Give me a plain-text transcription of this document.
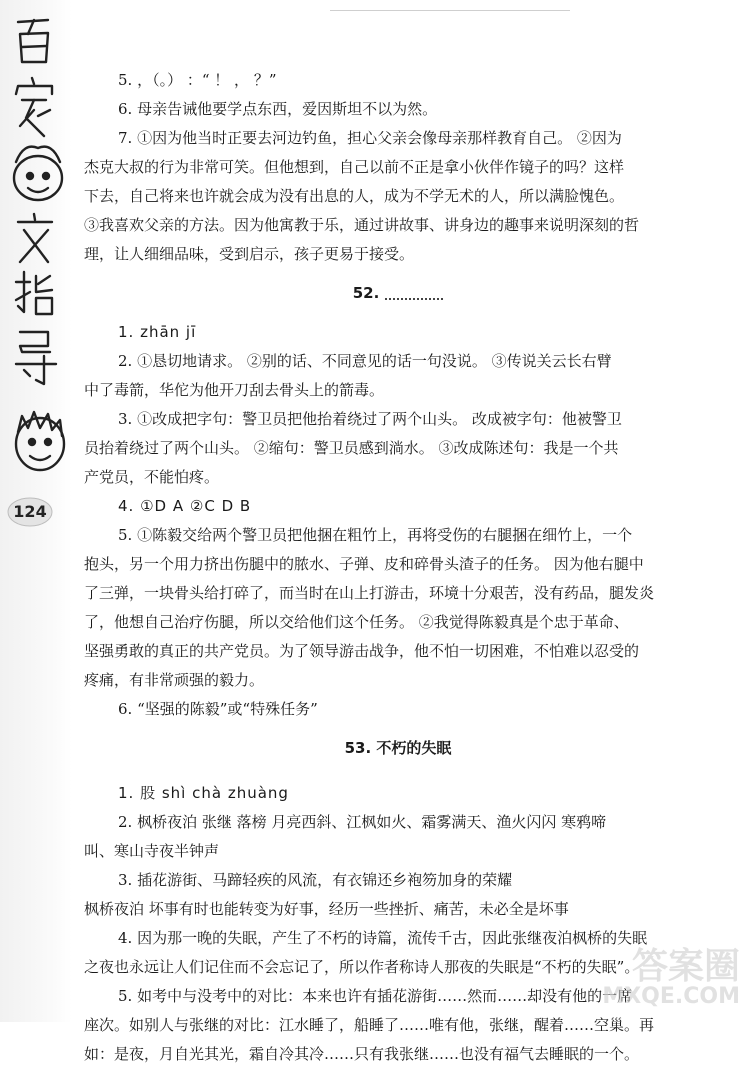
124
5. ，（。） ：“ ！ ， ？”
6. 母亲告诫他要学点东西，爱因斯坦不以为然。
7. ①因为他当时正要去河边钓鱼，担心父亲会像母亲那样教育自己。 ②因为
杰克大叔的行为非常可笑。但他想到，自己以前不正是拿小伙伴作镜子的吗？这样
下去，自己将来也许就会成为没有出息的人，成为不学无术的人，所以满脸愧色。
③我喜欢父亲的方法。因为他寓教于乐，通过讲故事、讲身边的趣事来说明深刻的哲
理，让人细细品味，受到启示，孩子更易于接受。
52.
1. zhān jī
2. ①恳切地请求。 ②别的话、不同意见的话一句没说。 ③传说关云长右臂
中了毒箭，华佗为他开刀刮去骨头上的箭毒。
3. ①改成把字句：警卫员把他抬着绕过了两个山头。 改成被字句：他被警卫
员抬着绕过了两个山头。 ②缩句：警卫员感到淌水。 ③改成陈述句：我是一个共
产党员，不能怕疼。
4. ①D A ②C D B
5. ①陈毅交给两个警卫员把他捆在粗竹上，再将受伤的右腿捆在细竹上，一个
抱头，另一个用力挤出伤腿中的脓水、子弹、皮和碎骨头渣子的任务。 因为他右腿中
了三弹，一块骨头给打碎了，而当时在山上打游击，环境十分艰苦，没有药品，腿发炎
了，他想自己治疗伤腿，所以交给他们这个任务。 ②我觉得陈毅真是个忠于革命、
坚强勇敢的真正的共产党员。为了领导游击战争，他不怕一切困难，不怕难以忍受的
疼痛，有非常顽强的毅力。
6. “坚强的陈毅”或“特殊任务”
53. 不朽的失眠
1. 股 shì chà zhuàng
2. 枫桥夜泊 张继 落榜 月亮西斜、江枫如火、霜雾满天、渔火闪闪 寒鸦啼
叫、寒山寺夜半钟声
3. 插花游街、马蹄轻疾的风流，有衣锦还乡袍笏加身的荣耀
枫桥夜泊 坏事有时也能转变为好事，经历一些挫折、痛苦，未必全是坏事
4. 因为那一晚的失眠，产生了不朽的诗篇，流传千古，因此张继夜泊枫桥的失眠
之夜也永远让人们记住而不会忘记了，所以作者称诗人那夜的失眠是“不朽的失眠”。
5. 如考中与没考中的对比：本来也许有插花游街……然而……却没有他的一席
座次。如别人与张继的对比：江水睡了，船睡了……唯有他，张继，醒着……空巢。再
如：是夜，月自光其光，霜自冷其冷……只有我张继……也没有福气去睡眠的一个。
答案圈
MXQE.COM
